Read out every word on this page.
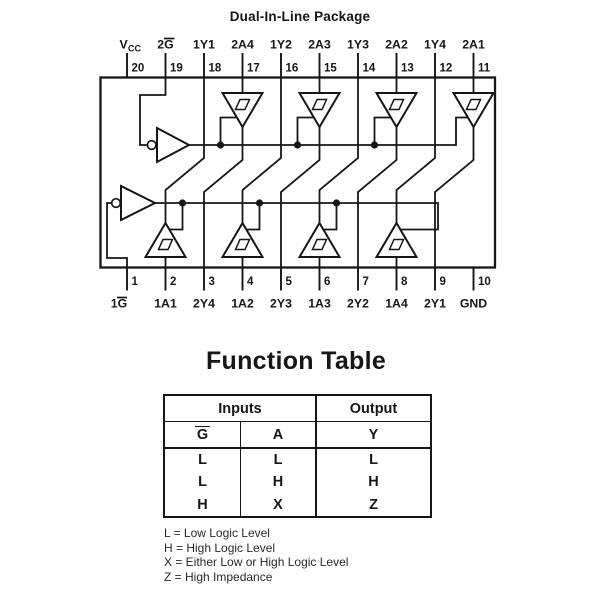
Dual-In-Line Package
20 19 18 17 16 15 14 13 12 11
V CC 2G 1Y1 2A4 1Y2 2A3 1Y3 2A2 1Y4 2A1
1	2	3	4	5	6	7	8	9	10
1G 1A1 2Y4 1A2 2Y3 1A3 2Y2 1A4 2Y1 GND
Function Table
Inputs	Output
G	A	Y
L	L	L
L	H	H
H	X	Z
L = Low Logic Level
H = High Logic Level
X = Either Low or High Logic Level
Z = High Impedance
